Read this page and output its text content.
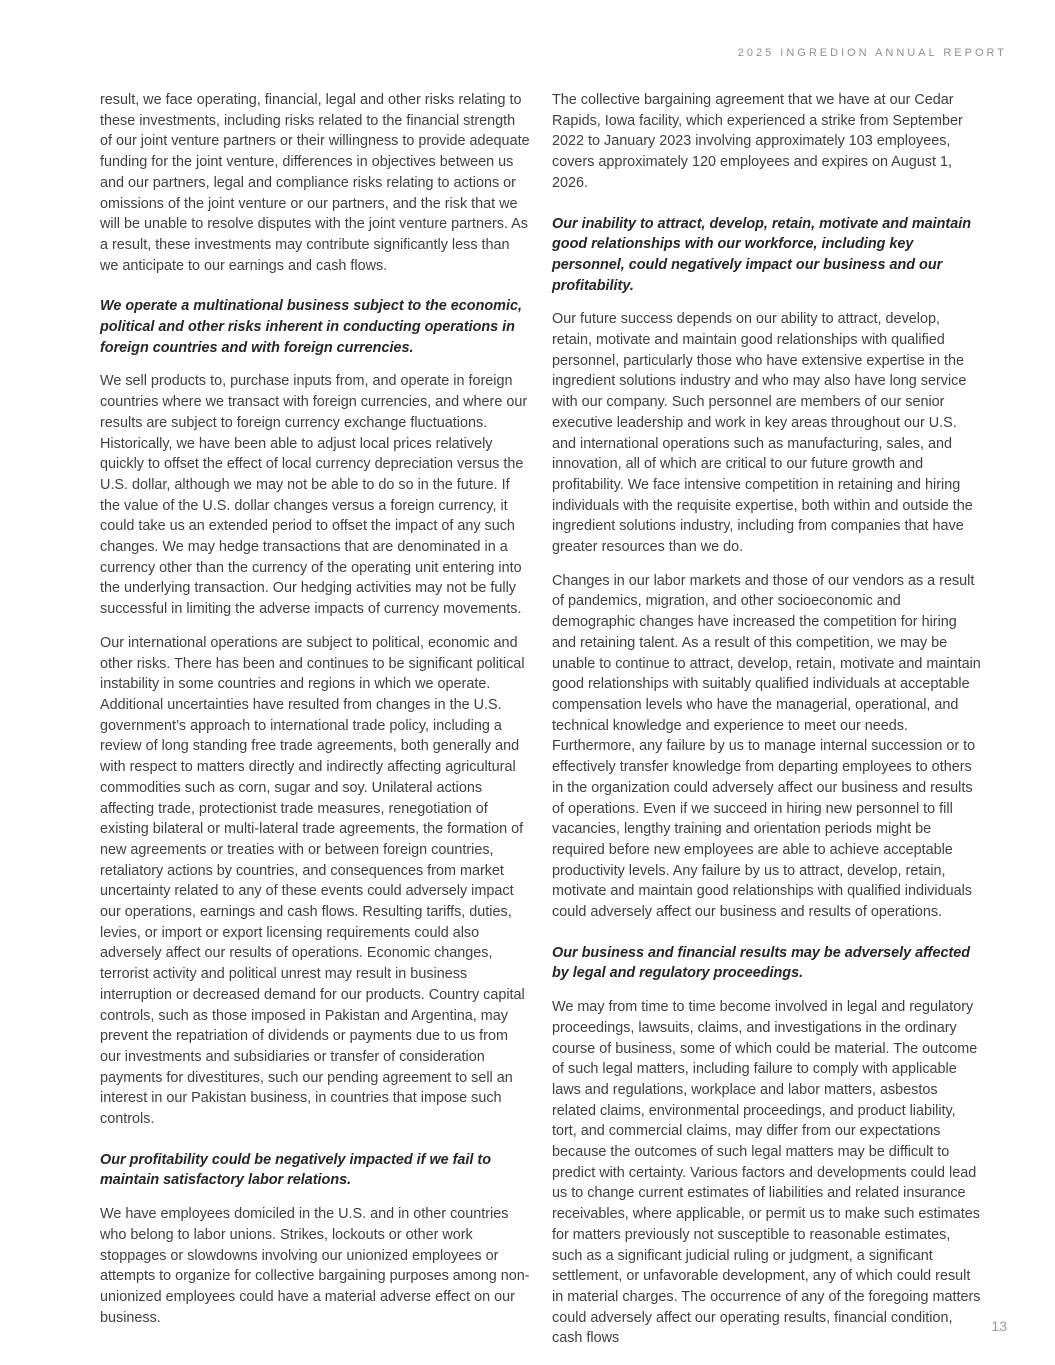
2025 INGREDION ANNUAL REPORT

result, we face operating, financial, legal and other risks relating to these investments, including risks related to the financial strength of our joint venture partners or their willingness to provide adequate funding for the joint venture, differences in objectives between us and our partners, legal and compliance risks relating to actions or omissions of the joint venture or our partners, and the risk that we will be unable to resolve disputes with the joint venture partners. As a result, these investments may contribute significantly less than we anticipate to our earnings and cash flows.

We operate a multinational business subject to the economic, political and other risks inherent in conducting operations in foreign countries and with foreign currencies.

We sell products to, purchase inputs from, and operate in foreign countries where we transact with foreign currencies, and where our results are subject to foreign currency exchange fluctuations. Historically, we have been able to adjust local prices relatively quickly to offset the effect of local currency depreciation versus the U.S. dollar, although we may not be able to do so in the future. If the value of the U.S. dollar changes versus a foreign currency, it could take us an extended period to offset the impact of any such changes. We may hedge transactions that are denominated in a currency other than the currency of the operating unit entering into the underlying transaction. Our hedging activities may not be fully successful in limiting the adverse impacts of currency movements.

Our international operations are subject to political, economic and other risks. There has been and continues to be significant political instability in some countries and regions in which we operate. Additional uncertainties have resulted from changes in the U.S. government’s approach to international trade policy, including a review of long standing free trade agreements, both generally and with respect to matters directly and indirectly affecting agricultural commodities such as corn, sugar and soy. Unilateral actions affecting trade, protectionist trade measures, renegotiation of existing bilateral or multi-lateral trade agreements, the formation of new agreements or treaties with or between foreign countries, retaliatory actions by countries, and consequences from market uncertainty related to any of these events could adversely impact our operations, earnings and cash flows. Resulting tariffs, duties, levies, or import or export licensing requirements could also adversely affect our results of operations. Economic changes, terrorist activity and political unrest may result in business interruption or decreased demand for our products. Country capital controls, such as those imposed in Pakistan and Argentina, may prevent the repatriation of dividends or payments due to us from our investments and subsidiaries or transfer of consideration payments for divestitures, such our pending agreement to sell an interest in our Pakistan business, in countries that impose such controls.

Our profitability could be negatively impacted if we fail to maintain satisfactory labor relations.

We have employees domiciled in the U.S. and in other countries who belong to labor unions. Strikes, lockouts or other work stoppages or slowdowns involving our unionized employees or attempts to organize for collective bargaining purposes among non-unionized employees could have a material adverse effect on our business.

The collective bargaining agreement that we have at our Cedar Rapids, Iowa facility, which experienced a strike from September 2022 to January 2023 involving approximately 103 employees, covers approximately 120 employees and expires on August 1, 2026.

Our inability to attract, develop, retain, motivate and maintain good relationships with our workforce, including key personnel, could negatively impact our business and our profitability.

Our future success depends on our ability to attract, develop, retain, motivate and maintain good relationships with qualified personnel, particularly those who have extensive expertise in the ingredient solutions industry and who may also have long service with our company. Such personnel are members of our senior executive leadership and work in key areas throughout our U.S. and international operations such as manufacturing, sales, and innovation, all of which are critical to our future growth and profitability. We face intensive competition in retaining and hiring individuals with the requisite expertise, both within and outside the ingredient solutions industry, including from companies that have greater resources than we do.

Changes in our labor markets and those of our vendors as a result of pandemics, migration, and other socioeconomic and demographic changes have increased the competition for hiring and retaining talent. As a result of this competition, we may be unable to continue to attract, develop, retain, motivate and maintain good relationships with suitably qualified individuals at acceptable compensation levels who have the managerial, operational, and technical knowledge and experience to meet our needs. Furthermore, any failure by us to manage internal succession or to effectively transfer knowledge from departing employees to others in the organization could adversely affect our business and results of operations. Even if we succeed in hiring new personnel to fill vacancies, lengthy training and orientation periods might be required before new employees are able to achieve acceptable productivity levels. Any failure by us to attract, develop, retain, motivate and maintain good relationships with qualified individuals could adversely affect our business and results of operations.

Our business and financial results may be adversely affected by legal and regulatory proceedings.

We may from time to time become involved in legal and regulatory proceedings, lawsuits, claims, and investigations in the ordinary course of business, some of which could be material. The outcome of such legal matters, including failure to comply with applicable laws and regulations, workplace and labor matters, asbestos related claims, environmental proceedings, and product liability, tort, and commercial claims, may differ from our expectations because the outcomes of such legal matters may be difficult to predict with certainty. Various factors and developments could lead us to change current estimates of liabilities and related insurance receivables, where applicable, or permit us to make such estimates for matters previously not susceptible to reasonable estimates, such as a significant judicial ruling or judgment, a significant settlement, or unfavorable development, any of which could result in material charges. The occurrence of any of the foregoing matters could adversely affect our operating results, financial condition, cash flows

13
